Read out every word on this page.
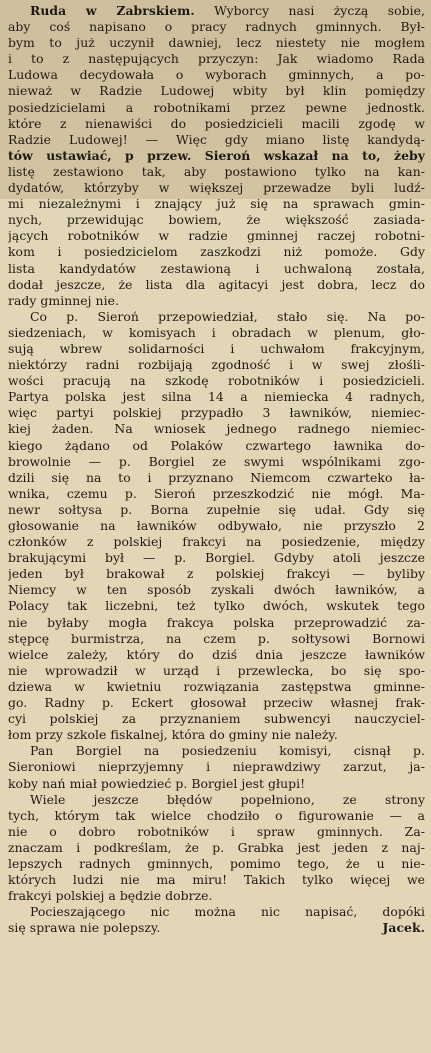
Ruda w Zabrskiem. Wyborcy nasi życzą sobie,
aby coś napisano o pracy radnych gminnych. Był-
bym to już uczynił dawniej, lecz niestety nie mogłem
i to z następujących przyczyn: Jak wiadomo Rada
Ludowa decydowała o wyborach gminnych, a po-
nieważ w Radzie Ludowej wbity był klin pomiędzy
posiedzicielami a robotnikami przez pewne jednostk.
które z nienawiści do posiedzicieli macili zgodę w
Radzie Ludowej! — Więc gdy miano listę kandydą-
tów ustawiać, p przew. Sieroń wskazał na to, żeby
listę zestawiono tak, aby postawiono tylko na kan-
dydatów, którzyby w większej przewadze byli ludź-
mi niezależnymi i znający już się na sprawach gmin-
nych, przewidując bowiem, że większość zasiada-
jących robotników w radzie gminnej raczej robotni-
kom i posiedzicielom zaszkodzi niż pomoże. Gdy
lista kandydatów zestawioną i uchwaloną została,
dodał jeszcze, że lista dla agitacyi jest dobra, lecz do
rady gminnej nie.
Co p. Sieroń przepowiedział, stało się. Na po-
siedzeniach, w komisyach i obradach w plenum, gło-
sują wbrew solidarności i uchwałom frakcyjnym,
niektórzy radni rozbijają zgodność i w swej złośli-
wości pracują na szkodę robotników i posiedzicieli.
Partya polska jest silna 14 a niemiecka 4 radnych,
więc partyi polskiej przypadło 3 ławników, niemiec-
kiej żaden. Na wniosek jednego radnego niemiec-
kiego żądano od Polaków czwartego ławnika do-
browolnie — p. Borgiel ze swymi wspólnikami zgo-
dzili się na to i przyznano Niemcom czwarteko ła-
wnika, czemu p. Sieroń przeszkodzić nie mógł. Ma-
newr sołtysa p. Borna zupełnie się udał. Gdy się
głosowanie na ławników odbywało, nie przyszło 2
członków z polskiej frakcyi na posiedzenie, między
brakującymi był — p. Borgiel. Gdyby atoli jeszcze
jeden był brakował z polskiej frakcyi — byliby
Niemcy w ten sposób zyskali dwóch ławników, a
Polacy tak liczebni, też tylko dwóch, wskutek tego
nie byłaby mogła frakcya polska przeprowadzić za-
stępcę burmistrza, na czem p. sołtysowi Bornowi
wielce zależy, który do dziś dnia jeszcze ławników
nie wprowadził w urząd i przewlecka, bo się spo-
dziewa w kwietniu rozwiązania zastępstwa gminne-
go. Radny p. Eckert głosował przeciw własnej frak-
cyi polskiej za przyznaniem subwencyi nauczyciel-
łom przy szkole fiskalnej, która do gminy nie należy.
Pan Borgiel na posiedzeniu komisyi, cisnął p.
Sieroniowi nieprzyjemny i nieprawdziwy zarzut, ja-
koby nań miał powiedzieć p. Borgiel jest głupi!
Wiele jeszcze błędów popełniono, ze strony
tych, którym tak wielce chodziło o figurowanie — a
nie o dobro robotników i spraw gminnych. Za-
znaczam i podkreślam, że p. Grabka jest jeden z naj-
lepszych radnych gminnych, pomimo tego, że u nie-
których ludzi nie ma miru! Takich tylko więcej we
frakcyi polskiej a będzie dobrze.
Pocieszającego nic można nic napisać, dopóki
się sprawa nie polepszy.	Jacek.
